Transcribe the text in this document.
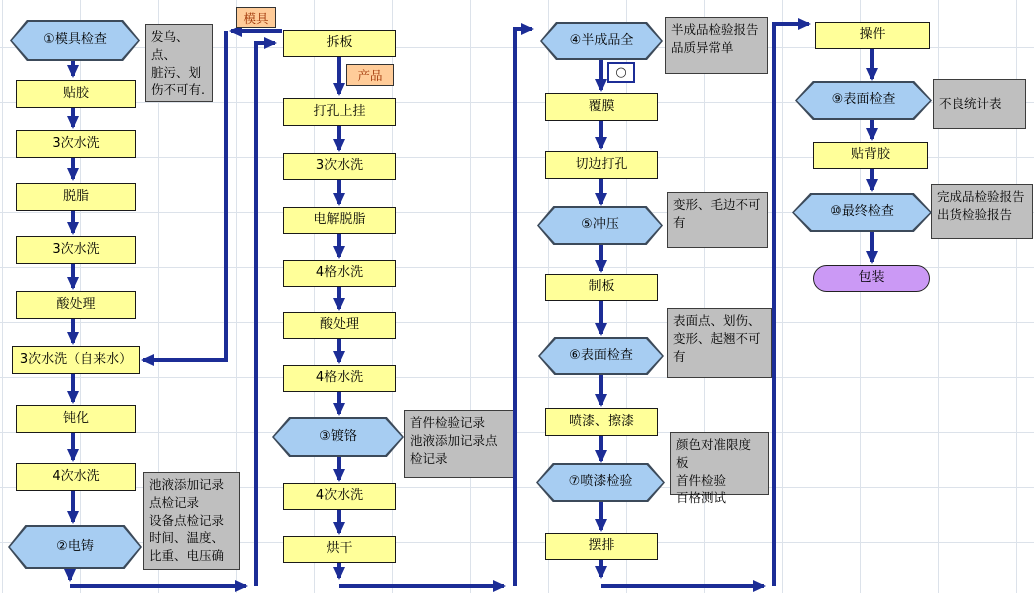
①模具检查
贴胶
3次水洗
脱脂
3次水洗
酸处理
3次水洗（自来水）
钝化
4次水洗
②电铸
拆板
打孔上挂
3次水洗
电解脱脂
4格水洗
酸处理
4格水洗
③镀铬
4次水洗
烘干
④半成品全
覆膜
切边打孔
⑤冲压
制板
⑥表面检查
喷漆、擦漆
⑦喷漆检验
摆排
操件
⑨表面检查
贴背胶
⑩最终检查
包装
发乌、点、
脏污、划
伤不可有.
池液添加记录
点检记录
设备点检记录
时间、温度、
比重、电压确
首件检验记录
池液添加记录点
检记录
半成品检验报告
品质异常单
变形、毛边不可
有
表面点、划伤、
变形、起翘不可
有
颜色对准限度板
首件检验
百格测试
不良统计表
完成品检验报告
出货检验报告
模具
产品	○
